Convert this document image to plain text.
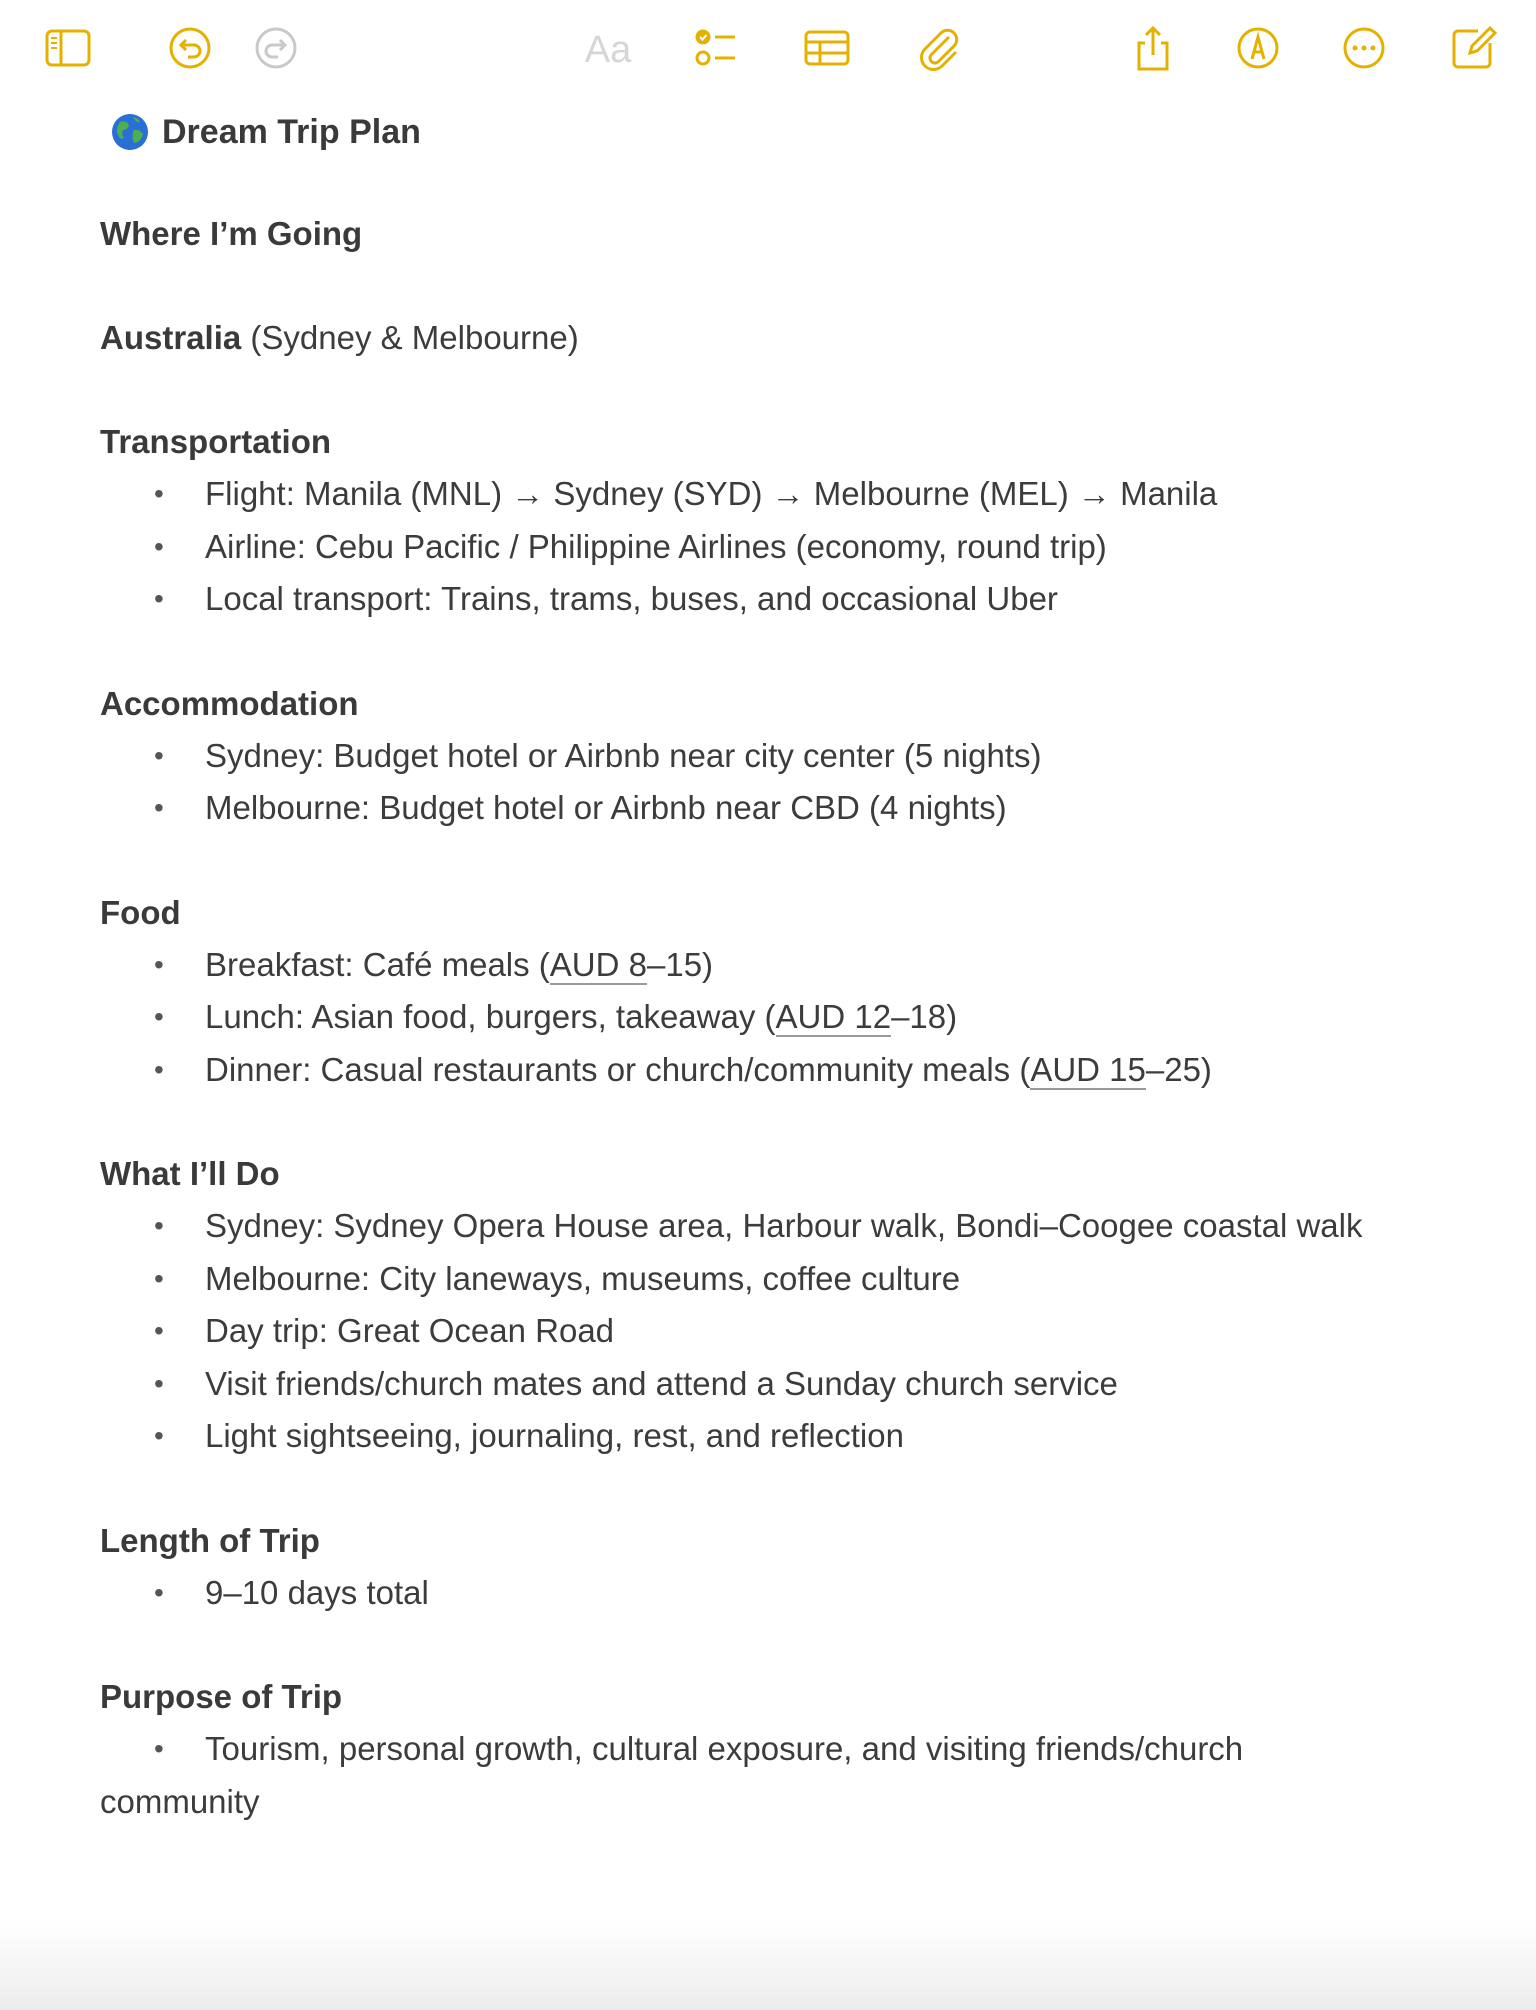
Aa
Dream Trip Plan
Where I’m Going
Australia (Sydney & Melbourne)
Transportation
• Flight: Manila (MNL) → Sydney (SYD) → Melbourne (MEL) → Manila
• Airline: Cebu Pacific / Philippine Airlines (economy, round trip)
• Local transport: Trains, trams, buses, and occasional Uber
Accommodation
• Sydney: Budget hotel or Airbnb near city center (5 nights)
• Melbourne: Budget hotel or Airbnb near CBD (4 nights)
Food
• Breakfast: Café meals (AUD 8–15)
• Lunch: Asian food, burgers, takeaway (AUD 12–18)
• Dinner: Casual restaurants or church/community meals (AUD 15–25)
What I’ll Do
• Sydney: Sydney Opera House area, Harbour walk, Bondi–Coogee coastal walk
• Melbourne: City laneways, museums, coffee culture
• Day trip: Great Ocean Road
• Visit friends/church mates and attend a Sunday church service
• Light sightseeing, journaling, rest, and reflection
Length of Trip
• 9–10 days total
Purpose of Trip
• Tourism, personal growth, cultural exposure, and visiting friends/church
community
